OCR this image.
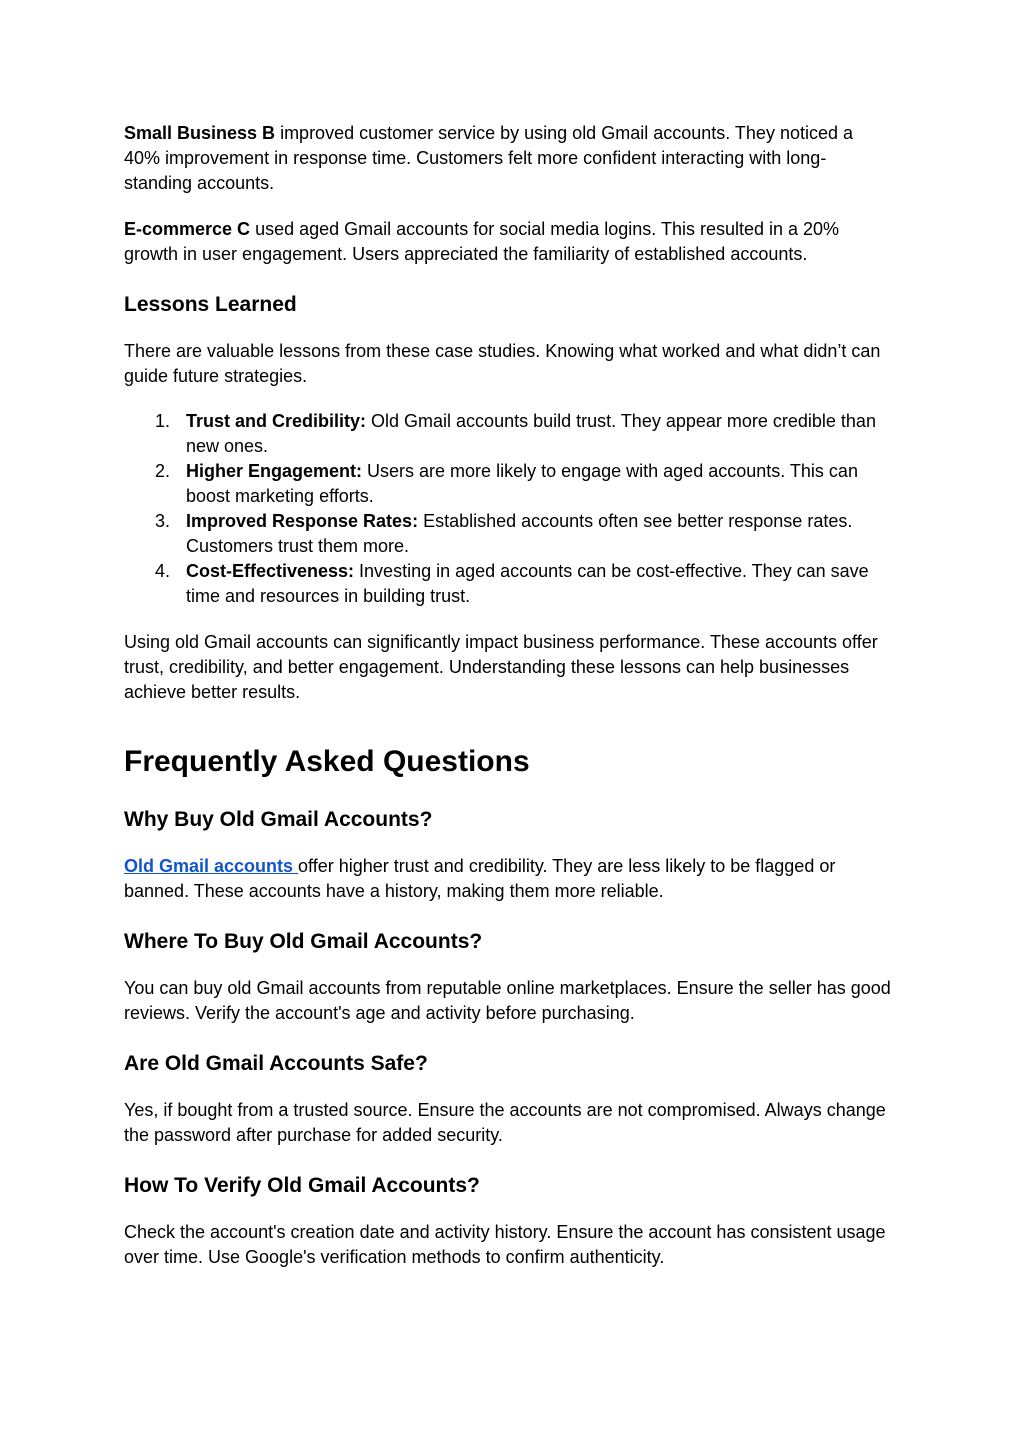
Small Business B improved customer service by using old Gmail accounts. They noticed a 40% improvement in response time. Customers felt more confident interacting with long-standing accounts.

E-commerce C used aged Gmail accounts for social media logins. This resulted in a 20% growth in user engagement. Users appreciated the familiarity of established accounts.

Lessons Learned

There are valuable lessons from these case studies. Knowing what worked and what didn’t can guide future strategies.

1. Trust and Credibility: Old Gmail accounts build trust. They appear more credible than new ones.
2. Higher Engagement: Users are more likely to engage with aged accounts. This can boost marketing efforts.
3. Improved Response Rates: Established accounts often see better response rates. Customers trust them more.
4. Cost-Effectiveness: Investing in aged accounts can be cost-effective. They can save time and resources in building trust.

Using old Gmail accounts can significantly impact business performance. These accounts offer trust, credibility, and better engagement. Understanding these lessons can help businesses achieve better results.

Frequently Asked Questions
Why Buy Old Gmail Accounts?

Old Gmail accounts offer higher trust and credibility. They are less likely to be flagged or banned. These accounts have a history, making them more reliable.

Where To Buy Old Gmail Accounts?

You can buy old Gmail accounts from reputable online marketplaces. Ensure the seller has good reviews. Verify the account's age and activity before purchasing.

Are Old Gmail Accounts Safe?

Yes, if bought from a trusted source. Ensure the accounts are not compromised. Always change the password after purchase for added security.

How To Verify Old Gmail Accounts?

Check the account's creation date and activity history. Ensure the account has consistent usage over time. Use Google's verification methods to confirm authenticity.
